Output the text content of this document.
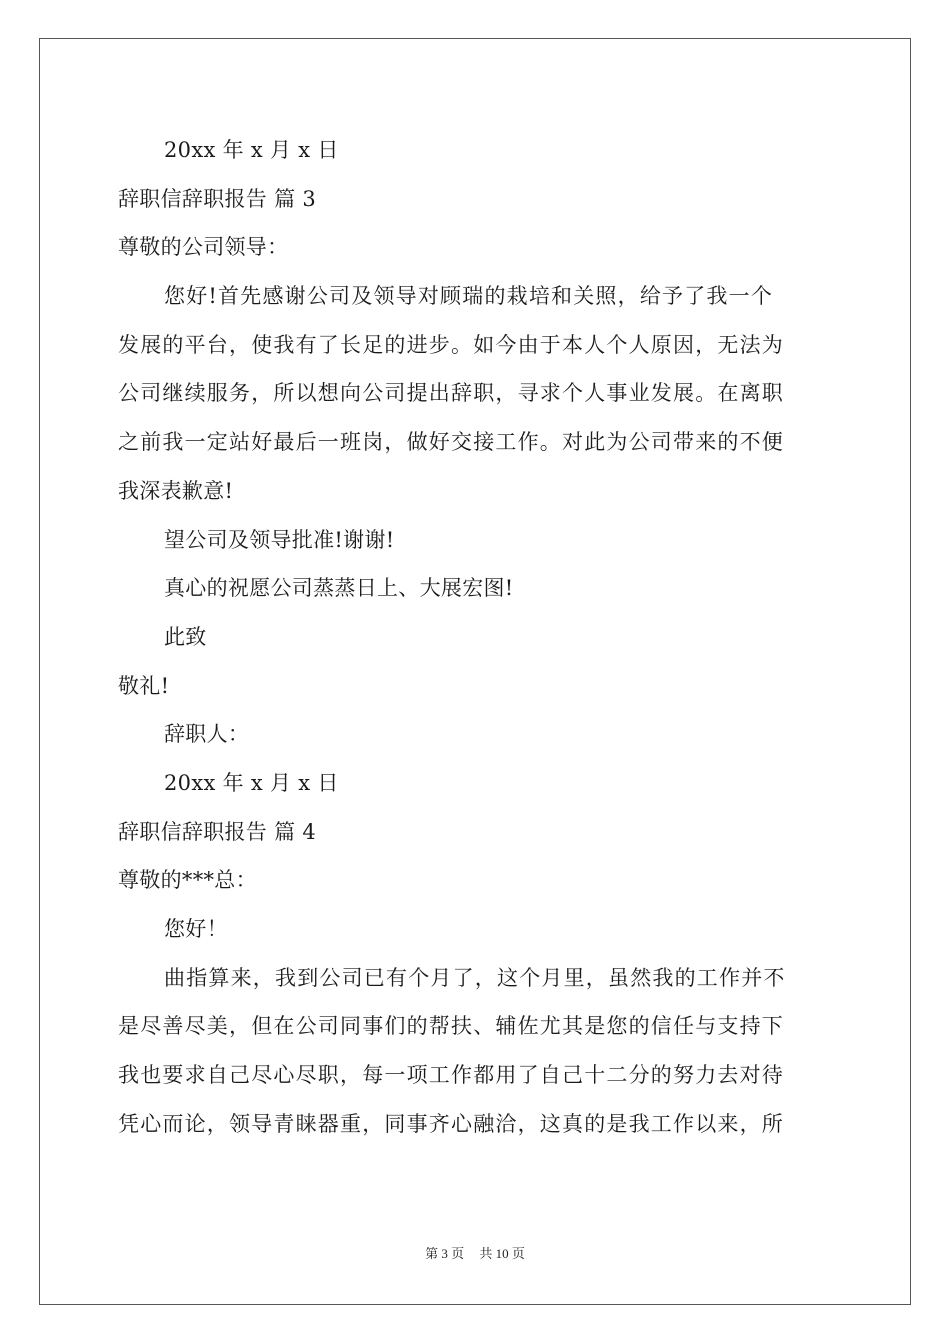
20xx 年 x 月 x 日
辞职信辞职报告 篇 3
尊敬的公司领导：
您好!首先感谢公司及领导对顾瑞的栽培和关照，给予了我一个
发展的平台，使我有了长足的进步。如今由于本人个人原因，无法为
公司继续服务，所以想向公司提出辞职，寻求个人事业发展。在离职
之前我一定站好最后一班岗，做好交接工作。对此为公司带来的不便
我深表歉意!
望公司及领导批准!谢谢!
真心的祝愿公司蒸蒸日上、大展宏图!
此致
敬礼!
辞职人：
20xx 年 x 月 x 日
辞职信辞职报告 篇 4
尊敬的***总：
您好！
曲指算来，我到公司已有个月了，这个月里，虽然我的工作并不
是尽善尽美，但在公司同事们的帮扶、辅佐尤其是您的信任与支持下
我也要求自己尽心尽职，每一项工作都用了自己十二分的努力去对待
凭心而论，领导青睐器重，同事齐心融洽，这真的是我工作以来，所
第 3 页 共 10 页
